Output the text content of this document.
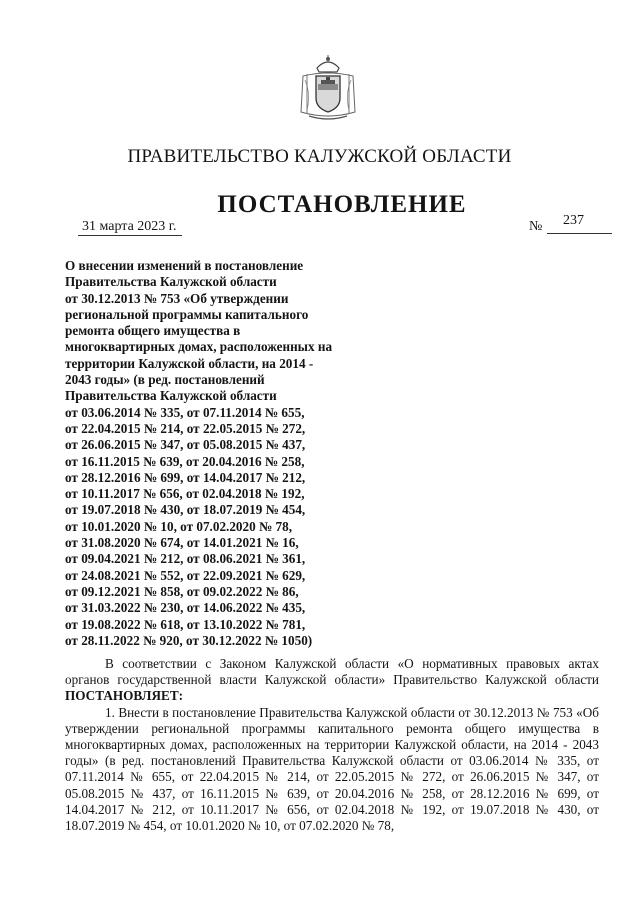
ПРАВИТЕЛЬСТВО КАЛУЖСКОЙ ОБЛАСТИ
ПОСТАНОВЛЕНИЕ
31 марта 2023 г.	№ 237

О внесении изменений в постановление
Правительства Калужской области
от 30.12.2013 № 753 «Об утверждении
региональной программы капитального
ремонта общего имущества в
многоквартирных домах, расположенных на
территории Калужской области, на 2014 -
2043 годы» (в ред. постановлений
Правительства Калужской области
от 03.06.2014 № 335, от 07.11.2014 № 655,
от 22.04.2015 № 214, от 22.05.2015 № 272,
от 26.06.2015 № 347, от 05.08.2015 № 437,
от 16.11.2015 № 639, от 20.04.2016 № 258,
от 28.12.2016 № 699, от 14.04.2017 № 212,
от 10.11.2017 № 656, от 02.04.2018 № 192,
от 19.07.2018 № 430, от 18.07.2019 № 454,
от 10.01.2020 № 10, от 07.02.2020 № 78,
от 31.08.2020 № 674, от 14.01.2021 № 16,
от 09.04.2021 № 212, от 08.06.2021 № 361,
от 24.08.2021 № 552, от 22.09.2021 № 629,
от 09.12.2021 № 858, от 09.02.2022 № 86,
от 31.03.2022 № 230, от 14.06.2022 № 435,
от 19.08.2022 № 618, от 13.10.2022 № 781,
от 28.11.2022 № 920, от 30.12.2022 № 1050)

В соответствии с Законом Калужской области «О нормативных правовых актах органов государственной власти Калужской области» Правительство Калужской области ПОСТАНОВЛЯЕТ:

1. Внести в постановление Правительства Калужской области от 30.12.2013 № 753 «Об утверждении региональной программы капитального ремонта общего имущества в многоквартирных домах, расположенных на территории Калужской области, на 2014 - 2043 годы» (в ред. постановлений Правительства Калужской области от 03.06.2014 № 335, от 07.11.2014 № 655, от 22.04.2015 № 214, от 22.05.2015 № 272, от 26.06.2015 № 347, от 05.08.2015 № 437, от 16.11.2015 № 639, от 20.04.2016 № 258, от 28.12.2016 № 699, от 14.04.2017 № 212, от 10.11.2017 № 656, от 02.04.2018 № 192, от 19.07.2018 № 430, от 18.07.2019 № 454, от 10.01.2020 № 10, от 07.02.2020 № 78,
